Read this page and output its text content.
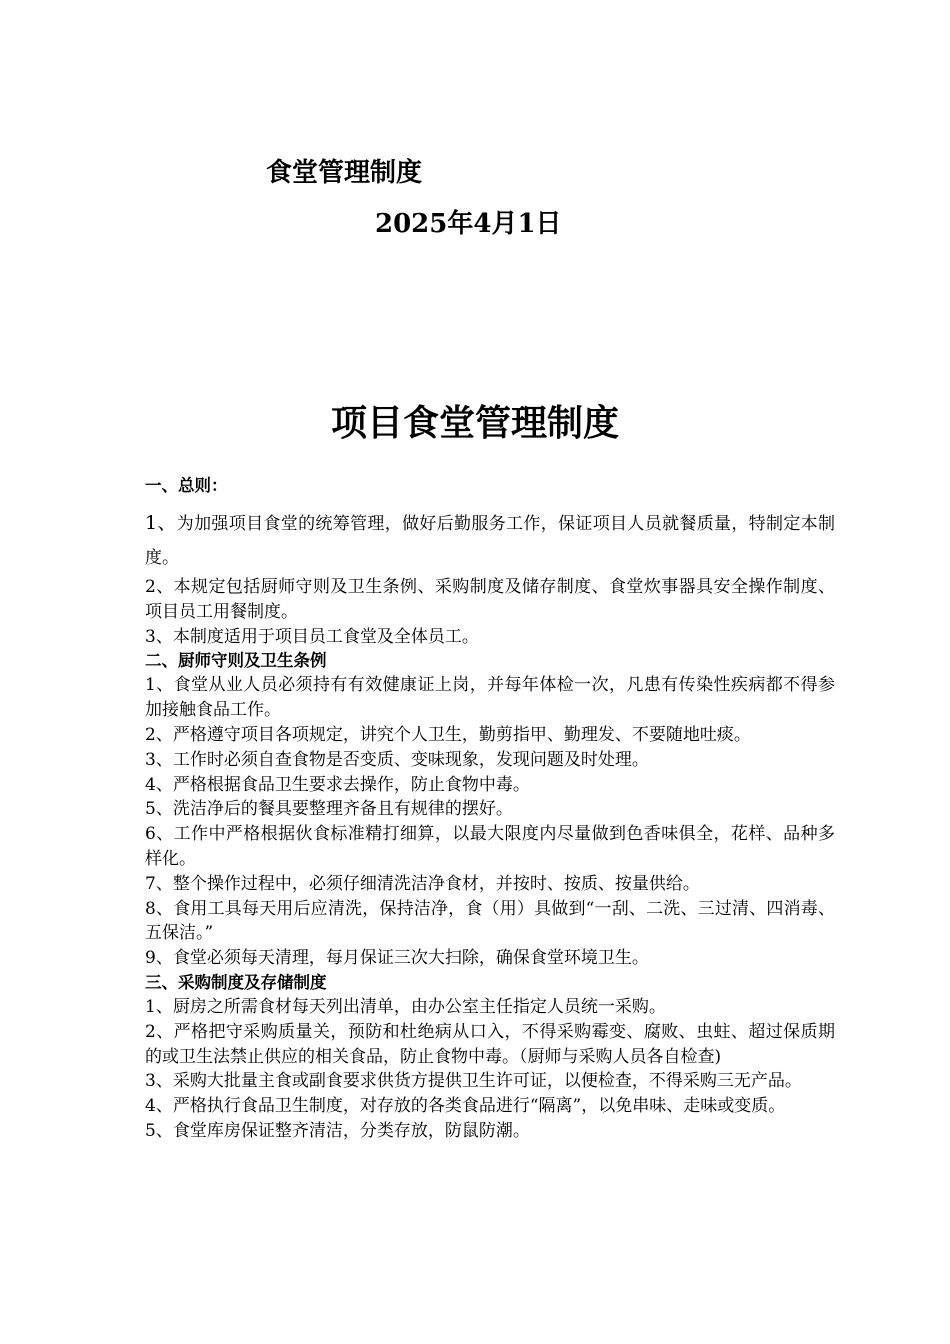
食堂管理制度
2025年4月1日
项目食堂管理制度
一、总则：

1、为加强项目食堂的统筹管理，做好后勤服务工作，保证项目人员就餐质量，特制定本制度。

2、本规定包括厨师守则及卫生条例、采购制度及储存制度、食堂炊事器具安全操作制度、项目员工用餐制度。

3、本制度适用于项目员工食堂及全体员工。

二、厨师守则及卫生条例

1、食堂从业人员必须持有有效健康证上岗，并每年体检一次，凡患有传染性疾病都不得参加接触食品工作。

2、严格遵守项目各项规定，讲究个人卫生，勤剪指甲、勤理发、不要随地吐痰。

3、工作时必须自查食物是否变质、变味现象，发现问题及时处理。

4、严格根据食品卫生要求去操作，防止食物中毒。

5、洗洁净后的餐具要整理齐备且有规律的摆好。

6、工作中严格根据伙食标准精打细算，以最大限度内尽量做到色香味俱全，花样、品种多样化。

7、整个操作过程中，必须仔细清洗洁净食材，并按时、按质、按量供给。

8、食用工具每天用后应清洗，保持洁净，食（用）具做到“一刮、二洗、三过清、四消毒、五保洁。”

9、食堂必须每天清理，每月保证三次大扫除，确保食堂环境卫生。

三、采购制度及存储制度

1、厨房之所需食材每天列出清单，由办公室主任指定人员统一采购。

2、严格把守采购质量关，预防和杜绝病从口入，不得采购霉变、腐败、虫蛀、超过保质期的或卫生法禁止供应的相关食品，防止食物中毒。（厨师与采购人员各自检查)

3、采购大批量主食或副食要求供货方提供卫生许可证，以便检查，不得采购三无产品。

4、严格执行食品卫生制度，对存放的各类食品进行“隔离”，以免串味、走味或变质。

5、食堂库房保证整齐清洁，分类存放，防鼠防潮。
